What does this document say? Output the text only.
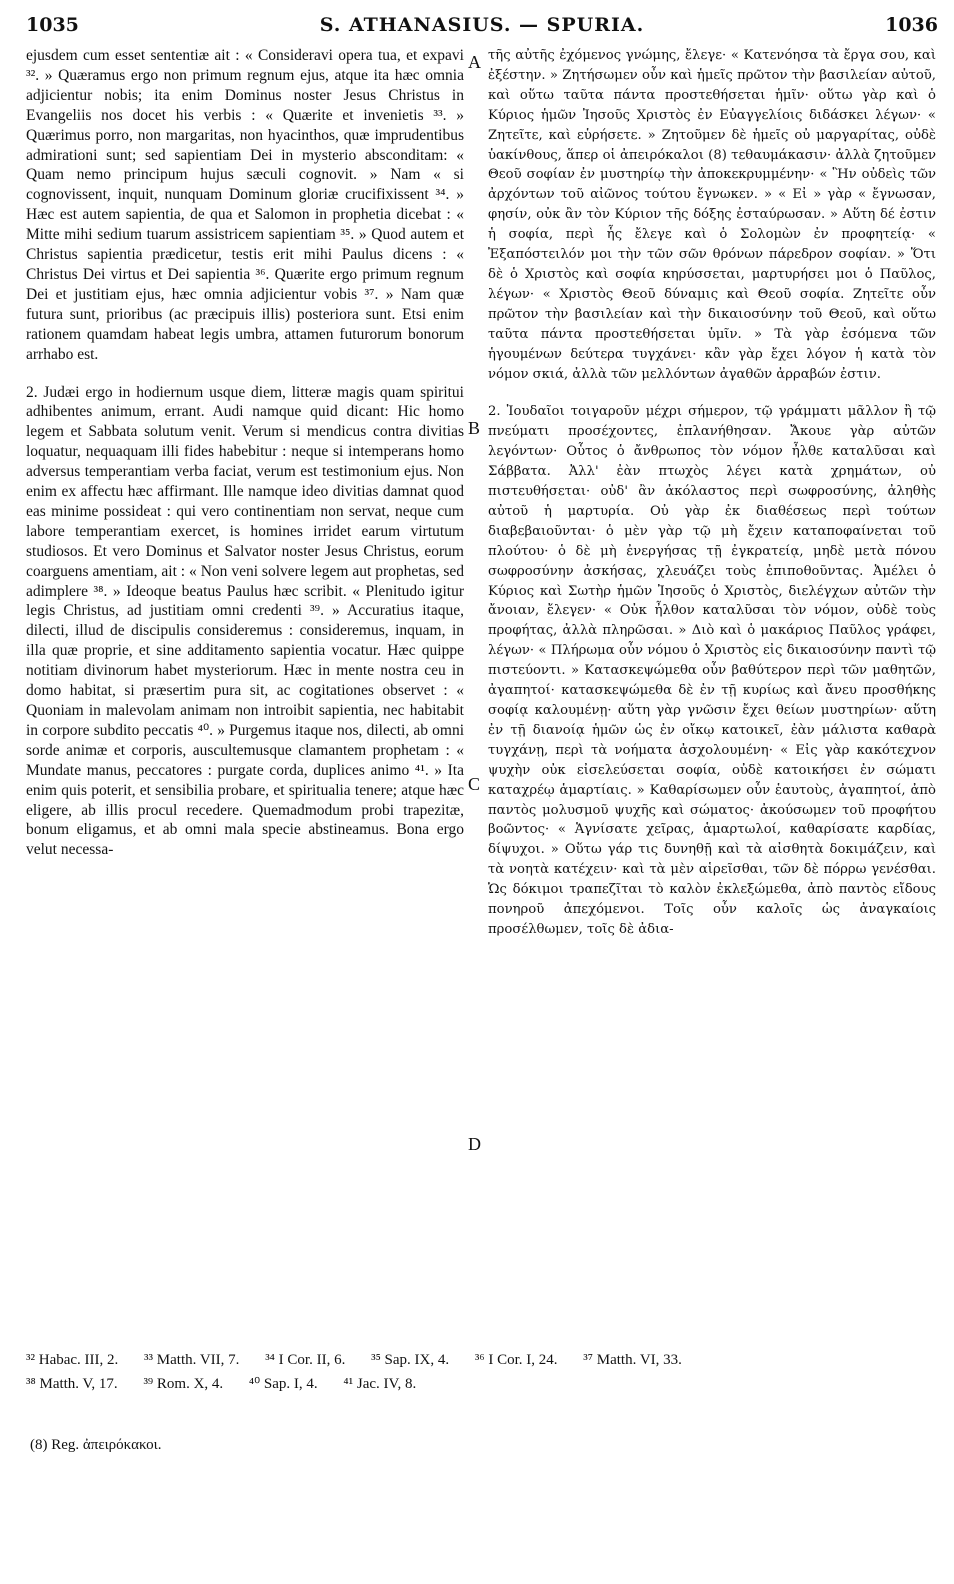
1035	S. ATHANASIUS. — SPURIA.	1036

ejusdem cum esset sententiæ ait : « Consideravi opera tua, et expavi ³². » Quæramus ergo non primum regnum ejus, atque ita hæc omnia adjicientur nobis; ita enim Dominus noster Jesus Christus in Evangeliis nos docet his verbis : « Quærite et invenietis ³³. » Quærimus porro, non margaritas, non hyacinthos, quæ imprudentibus admirationi sunt; sed sapientiam Dei in mysterio absconditam: « Quam nemo principum hujus sæculi cognovit. » Nam « si cognovissent, inquit, nunquam Dominum gloriæ crucifixissent ³⁴. » Hæc est autem sapientia, de qua et Salomon in prophetia dicebat : « Mitte mihi sedium tuarum assistricem sapientiam ³⁵. » Quod autem et Christus sapientia prædicetur, testis erit mihi Paulus dicens : « Christus Dei virtus et Dei sapientia ³⁶. Quærite ergo primum regnum Dei et justitiam ejus, hæc omnia adjicientur vobis ³⁷. » Nam quæ futura sunt, prioribus (ac præcipuis illis) posteriora sunt. Etsi enim rationem quamdam habeat legis umbra, attamen futurorum bonorum arrhabo est.

2. Judæi ergo in hodiernum usque diem, litteræ magis quam spiritui adhibentes animum, errant. Audi namque quid dicant: Hic homo legem et Sabbata solutum venit. Verum si mendicus contra divitias loquatur, nequaquam illi fides habebitur : neque si intemperans homo adversus temperantiam verba faciat, verum est testimonium ejus. Non enim ex affectu hæc affirmant. Ille namque ideo divitias damnat quod eas minime possideat : qui vero continentiam non servat, neque cum labore temperantiam exercet, is homines irridet earum virtutum studiosos. Et vero Dominus et Salvator noster Jesus Christus, eorum coarguens amentiam, ait : « Non veni solvere legem aut prophetas, sed adimplere ³⁸. » Ideoque beatus Paulus hæc scribit. « Plenitudo igitur legis Christus, ad justitiam omni credenti ³⁹. » Accuratius itaque, dilecti, illud de discipulis consideremus : consideremus, inquam, in illa quæ proprie, et sine additamento sapientia vocatur. Hæc quippe notitiam divinorum habet mysteriorum. Hæc in mente nostra ceu in domo habitat, si præsertim pura sit, ac cogitationes observet : « Quoniam in malevolam animam non introibit sapientia, nec habitabit in corpore subdito peccatis ⁴⁰. » Purgemus itaque nos, dilecti, ab omni sorde animæ et corporis, auscultemusque clamantem prophetam : « Mundate manus, peccatores : purgate corda, duplices animo ⁴¹. » Ita enim quis poterit, et sensibilia probare, et spiritualia tenere; atque hæc eligere, ab illis procul recedere. Quemadmodum probi trapezitæ, bonum eligamus, et ab omni mala specie abstineamus. Bona ergo velut necessa-

τῆς αὐτῆς ἐχόμενος γνώμης, ἔλεγε· « Κατενόησα τὰ ἔργα σου, καὶ ἐξέστην. » Ζητήσωμεν οὖν καὶ ἡμεῖς πρῶτον τὴν βασιλείαν αὐτοῦ, καὶ οὕτω ταῦτα πάντα προστεθήσεται ἡμῖν· οὕτω γὰρ καὶ ὁ Κύριος ἡμῶν Ἰησοῦς Χριστὸς ἐν Εὐαγγελίοις διδάσκει λέγων· « Ζητεῖτε, καὶ εὑρήσετε. » Ζητοῦμεν δὲ ἡμεῖς οὐ μαργαρίτας, οὐδὲ ὑακίνθους, ἅπερ οἱ ἀπειρόκαλοι (8) τεθαυμάκασιν· ἀλλὰ ζητοῦμεν Θεοῦ σοφίαν ἐν μυστηρίῳ τὴν ἀποκεκρυμμένην· « Ἣν οὐδεὶς τῶν ἀρχόντων τοῦ αἰῶνος τούτου ἔγνωκεν. » « Εἰ » γὰρ « ἔγνωσαν, φησίν, οὐκ ἂν τὸν Κύριον τῆς δόξης ἐσταύρωσαν. » Αὕτη δέ ἐστιν ἡ σοφία, περὶ ἧς ἔλεγε καὶ ὁ Σολομὼν ἐν προφητείᾳ· « Ἐξαπόστειλόν μοι τὴν τῶν σῶν θρόνων πάρεδρον σοφίαν. » Ὅτι δὲ ὁ Χριστὸς καὶ σοφία κηρύσσεται, μαρτυρήσει μοι ὁ Παῦλος, λέγων· « Χριστὸς Θεοῦ δύναμις καὶ Θεοῦ σοφία. Ζητεῖτε οὖν πρῶτον τὴν βασιλείαν καὶ τὴν δικαιοσύνην τοῦ Θεοῦ, καὶ οὕτω ταῦτα πάντα προστεθήσεται ὑμῖν. » Τὰ γὰρ ἐσόμενα τῶν ἡγουμένων δεύτερα τυγχάνει· κἂν γὰρ ἔχει λόγον ἡ κατὰ τὸν νόμον σκιά, ἀλλὰ τῶν μελλόντων ἀγαθῶν ἀρραβών ἐστιν.

2. Ἰουδαῖοι τοιγαροῦν μέχρι σήμερον, τῷ γράμματι μᾶλλον ἢ τῷ πνεύματι προσέχοντες, ἐπλανήθησαν. Ἄκουε γὰρ αὐτῶν λεγόντων· Οὗτος ὁ ἄνθρωπος τὸν νόμον ἦλθε καταλῦσαι καὶ Σάββατα. Ἀλλ' ἐὰν πτωχὸς λέγει κατὰ χρημάτων, οὐ πιστευθήσεται· οὐδ' ἂν ἀκόλαστος περὶ σωφροσύνης, ἀληθὴς αὐτοῦ ἡ μαρτυρία. Οὐ γὰρ ἐκ διαθέσεως περὶ τούτων διαβεβαιοῦνται· ὁ μὲν γὰρ τῷ μὴ ἔχειν καταποφαίνεται τοῦ πλούτου· ὁ δὲ μὴ ἐνεργήσας τῇ ἐγκρατείᾳ, μηδὲ μετὰ πόνου σωφροσύνην ἀσκήσας, χλευάζει τοὺς ἐπιποθοῦντας. Ἀμέλει ὁ Κύριος καὶ Σωτὴρ ἡμῶν Ἰησοῦς ὁ Χριστὸς, διελέγχων αὐτῶν τὴν ἄνοιαν, ἔλεγεν· « Οὐκ ἦλθον καταλῦσαι τὸν νόμον, οὐδὲ τοὺς προφήτας, ἀλλὰ πληρῶσαι. » Διὸ καὶ ὁ μακάριος Παῦλος γράφει, λέγων· « Πλήρωμα οὖν νόμου ὁ Χριστὸς εἰς δικαιοσύνην παντὶ τῷ πιστεύοντι. » Κατασκεψώμεθα οὖν βαθύτερον περὶ τῶν μαθητῶν, ἀγαπητοί· κατασκεψώμεθα δὲ ἐν τῇ κυρίως καὶ ἄνευ προσθήκης σοφίᾳ καλουμένῃ· αὕτη γὰρ γνῶσιν ἔχει θείων μυστηρίων· αὕτη ἐν τῇ διανοίᾳ ἡμῶν ὡς ἐν οἴκῳ κατοικεῖ, ἐὰν μάλιστα καθαρὰ τυγχάνῃ, περὶ τὰ νοήματα ἀσχολουμένη· « Εἰς γὰρ κακότεχνον ψυχὴν οὐκ εἰσελεύσεται σοφία, οὐδὲ κατοικήσει ἐν σώματι καταχρέῳ ἁμαρτίαις. » Καθαρίσωμεν οὖν ἑαυτοὺς, ἀγαπητοί, ἀπὸ παντὸς μολυσμοῦ ψυχῆς καὶ σώματος· ἀκούσωμεν τοῦ προφήτου βοῶντος· « Ἁγνίσατε χεῖρας, ἁμαρτωλοί, καθαρίσατε καρδίας, δίψυχοι. » Οὕτω γάρ τις δυνηθῇ καὶ τὰ αἰσθητὰ δοκιμάζειν, καὶ τὰ νοητὰ κατέχειν· καὶ τὰ μὲν αἱρεῖσθαι, τῶν δὲ πόρρω γενέσθαι. Ὡς δόκιμοι τραπεζῖται τὸ καλὸν ἐκλεξώμεθα, ἀπὸ παντὸς εἴδους πονηροῦ ἀπεχόμενοι. Τοῖς οὖν καλοῖς ὡς ἀναγκαίοις προσέλθωμεν, τοῖς δὲ ἀδια-

A
B
C
D
³² Habac. III, 2. ³³ Matth. VII, 7. ³⁴ I Cor. II, 6. ³⁵ Sap. IX, 4. ³⁶ I Cor. I, 24. ³⁷ Matth. VI, 33.
³⁸ Matth. V, 17. ³⁹ Rom. X, 4. ⁴⁰ Sap. I, 4. ⁴¹ Jac. IV, 8.
(8) Reg. ἀπειρόκακοι.
